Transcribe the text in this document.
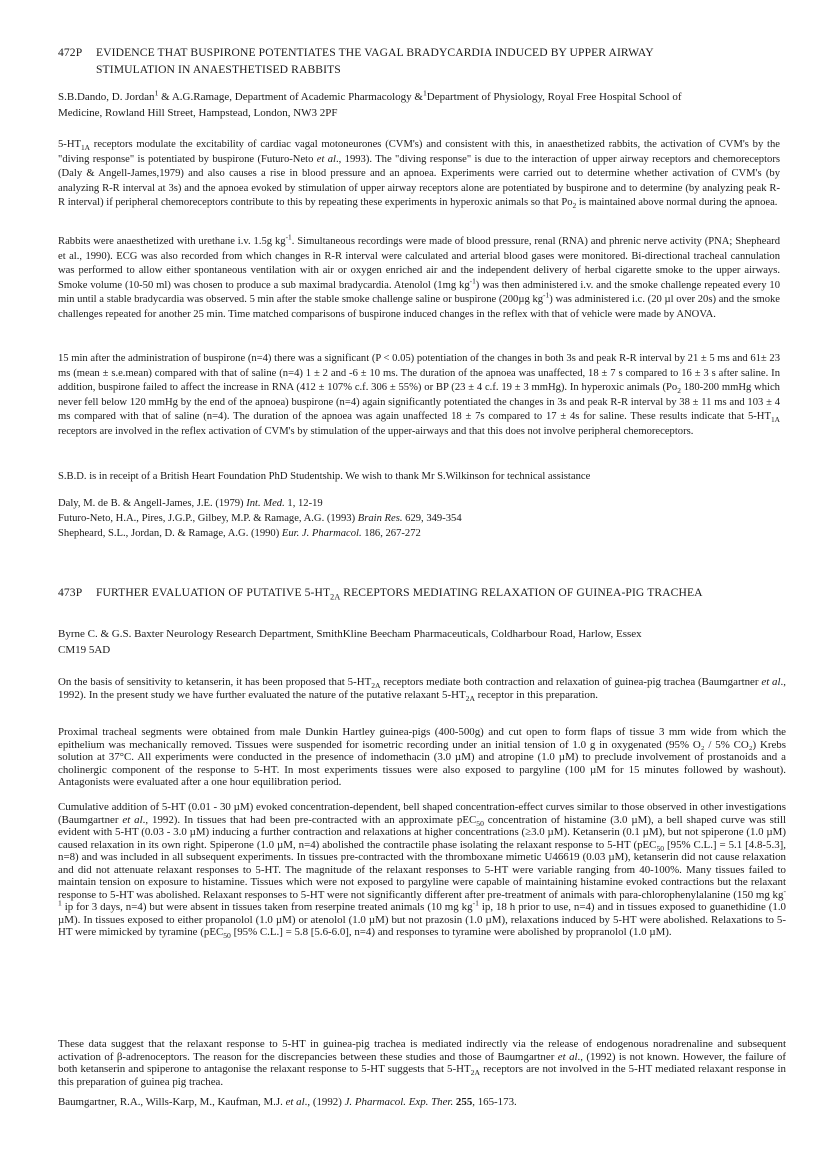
472P EVIDENCE THAT BUSPIRONE POTENTIATES THE VAGAL BRADYCARDIA INDUCED BY UPPER AIRWAY
STIMULATION IN ANAESTHETISED RABBITS
S.B.Dando, D. Jordan$^1$ & A.G.Ramage, Department of Academic Pharmacology &$^1$Department of Physiology, Royal Free Hospital School of
Medicine, Rowland Hill Street, Hampstead, London, NW3 2PF

$5-HT_{1A}$ receptors modulate the excitability of cardiac vagal motoneurones (CVM's) and consistent with this, in anaesthetized rabbits, the activation of CVM's by the "diving response" is potentiated by buspirone (Futuro-Neto et al., 1993). The "diving response" is due to the interaction of upper airway receptors and chemoreceptors (Daly & Angell-James,1979) and also causes a rise in blood pressure and an apnoea. Experiments were carried out to determine whether activation of CVM's (by analyzing R-R interval at 3s) and the apnoea evoked by stimulation of upper airway receptors alone are potentiated by buspirone and to determine (by analyzing peak R-R interval) if peripheral chemoreceptors contribute to this by repeating these experiments in hyperoxic animals so that $Po_2$ is maintained above normal during the apnoea.

Rabbits were anaesthetized with urethane i.v. 1.5g $kg^{-1}$. Simultaneous recordings were made of blood pressure, renal (RNA) and phrenic nerve activity (PNA; Shepheard et al., 1990). ECG was also recorded from which changes in R-R interval were calculated and arterial blood gases were monitored. Bi-directional tracheal cannulation was performed to allow either spontaneous ventilation with air or oxygen enriched air and the independent delivery of herbal cigarette smoke to the upper airways. Smoke volume (10-50 ml) was chosen to produce a sub maximal bradycardia. Atenolol (1mg $kg^{-1}$) was then administered i.v. and the smoke challenge repeated every 10 min until a stable bradycardia was observed. 5 min after the stable smoke challenge saline or buspirone (200µg $kg^{-1}$) was administered i.c. (20 µl over 20s) and the smoke challenges repeated for another 25 min. Time matched comparisons of buspirone induced changes in the reflex with that of vehicle were made by ANOVA.

15 min after the administration of buspirone (n=4) there was a significant (P < 0.05) potentiation of the changes in both 3s and peak R-R interval by 21 ± 5 ms and 61± 23 ms (mean ± s.e.mean) compared with that of saline (n=4) 1 ± 2 and -6 ± 10 ms. The duration of the apnoea was unaffected, 18 ± 7 s compared to 16 ± 3 s after saline. In addition, buspirone failed to affect the increase in RNA (412 ± 107% c.f. 306 ± 55%) or BP (23 ± 4 c.f. 19 ± 3 mmHg). In hyperoxic animals ($Po_2$ 180-200 mmHg which never fell below 120 mmHg by the end of the apnoea) buspirone (n=4) again significantly potentiated the changes in 3s and peak R-R interval by 38 ± 11 ms and 103 ± 4 ms compared with that of saline (n=4). The duration of the apnoea was again unaffected 18 ± 7s compared to 17 ± 4s for saline. These results indicate that $5-HT_{1A}$ receptors are involved in the reflex activation of CVM's by stimulation of the upper-airways and that this does not involve peripheral chemoreceptors.

S.B.D. is in receipt of a British Heart Foundation PhD Studentship. We wish to thank Mr S.Wilkinson for technical assistance

Daly, M. de B. & Angell-James, J.E. (1979) Int. Med. 1, 12-19
Futuro-Neto, H.A., Pires, J.G.P., Gilbey, M.P. & Ramage, A.G. (1993) Brain Res. 629, 349-354
Shepheard, S.L., Jordan, D. & Ramage, A.G. (1990) Eur. J. Pharmacol. 186, 267-272
473P FURTHER EVALUATION OF PUTATIVE $5-HT_{2A}$ RECEPTORS MEDIATING RELAXATION OF GUINEA-PIG TRACHEA
Byrne C. & G.S. Baxter Neurology Research Department, SmithKline Beecham Pharmaceuticals, Coldharbour Road, Harlow, Essex
CM19 5AD

On the basis of sensitivity to ketanserin, it has been proposed that $5-HT_{2A}$ receptors mediate both contraction and relaxation of guinea-pig trachea (Baumgartner et al., 1992). In the present study we have further evaluated the nature of the putative relaxant $5-HT_{2A}$ receptor in this preparation.

Proximal tracheal segments were obtained from male Dunkin Hartley guinea-pigs (400-500g) and cut open to form flaps of tissue 3 mm wide from which the epithelium was mechanically removed. Tissues were suspended for isometric recording under an initial tension of 1.0 g in oxygenated (95% O₂ / 5% CO₂) Krebs solution at 37°C. All experiments were conducted in the presence of indomethacin (3.0 µM) and atropine (1.0 µM) to preclude involvement of prostanoids and a cholinergic component of the response to 5-HT. In most experiments tissues were also exposed to pargyline (100 µM for 15 minutes followed by washout). Antagonists were evaluated after a one hour equilibration period.

Cumulative addition of 5-HT (0.01 - 30 µM) evoked concentration-dependent, bell shaped concentration-effect curves similar to those observed in other investigations (Baumgartner et al., 1992). In tissues that had been pre-contracted with an approximate pEC$_{50}$ concentration of histamine (3.0 µM), a bell shaped curve was still evident with 5-HT (0.03 - 3.0 µM) inducing a further contraction and relaxations at higher concentrations (≥3.0 µM). Ketanserin (0.1 µM), but not spiperone (1.0 µM) caused relaxation in its own right. Spiperone (1.0 µM, n=4) abolished the contractile phase isolating the relaxant response to 5-HT (pEC$_{50}$ [95% C.L.] = 5.1 [4.8-5.3], n=8) and was included in all subsequent experiments. In tissues pre-contracted with the thromboxane mimetic U46619 (0.03 µM), ketanserin did not cause relaxation and did not attenuate relaxant responses to 5-HT. The magnitude of the relaxant responses to 5-HT were variable ranging from 40-100%. Many tissues failed to maintain tension on exposure to histamine. Tissues which were not exposed to pargyline were capable of maintaining histamine evoked contractions but the relaxant response to 5-HT was abolished. Relaxant responses to 5-HT were not significantly different after pre-treatment of animals with para-chlorophenylalanine (150 mg $kg^{-1}$ ip for 3 days, n=4) but were absent in tissues taken from reserpine treated animals (10 mg $kg^{-1}$ ip, 18 h prior to use, n=4) and in tissues exposed to guanethidine (1.0 µM). In tissues exposed to either propanolol (1.0 µM) or atenolol (1.0 µM) but not prazosin (1.0 µM), relaxations induced by 5-HT were abolished. Relaxations to 5-HT were mimicked by tyramine (pEC$_{50}$ [95% C.L.] = 5.8 [5.6-6.0], n=4) and responses to tyramine were abolished by propranolol (1.0 µM).

These data suggest that the relaxant response to 5-HT in guinea-pig trachea is mediated indirectly via the release of endogenous noradrenaline and subsequent activation of β-adrenoceptors. The reason for the discrepancies between these studies and those of Baumgartner et al., (1992) is not known. However, the failure of both ketanserin and spiperone to antagonise the relaxant response to 5-HT suggests that $5-HT_{2A}$ receptors are not involved in the 5-HT mediated relaxant response in this preparation of guinea pig trachea.

Baumgartner, R.A., Wills-Karp, M., Kaufman, M.J. et al., (1992) J. Pharmacol. Exp. Ther. 255, 165-173.
